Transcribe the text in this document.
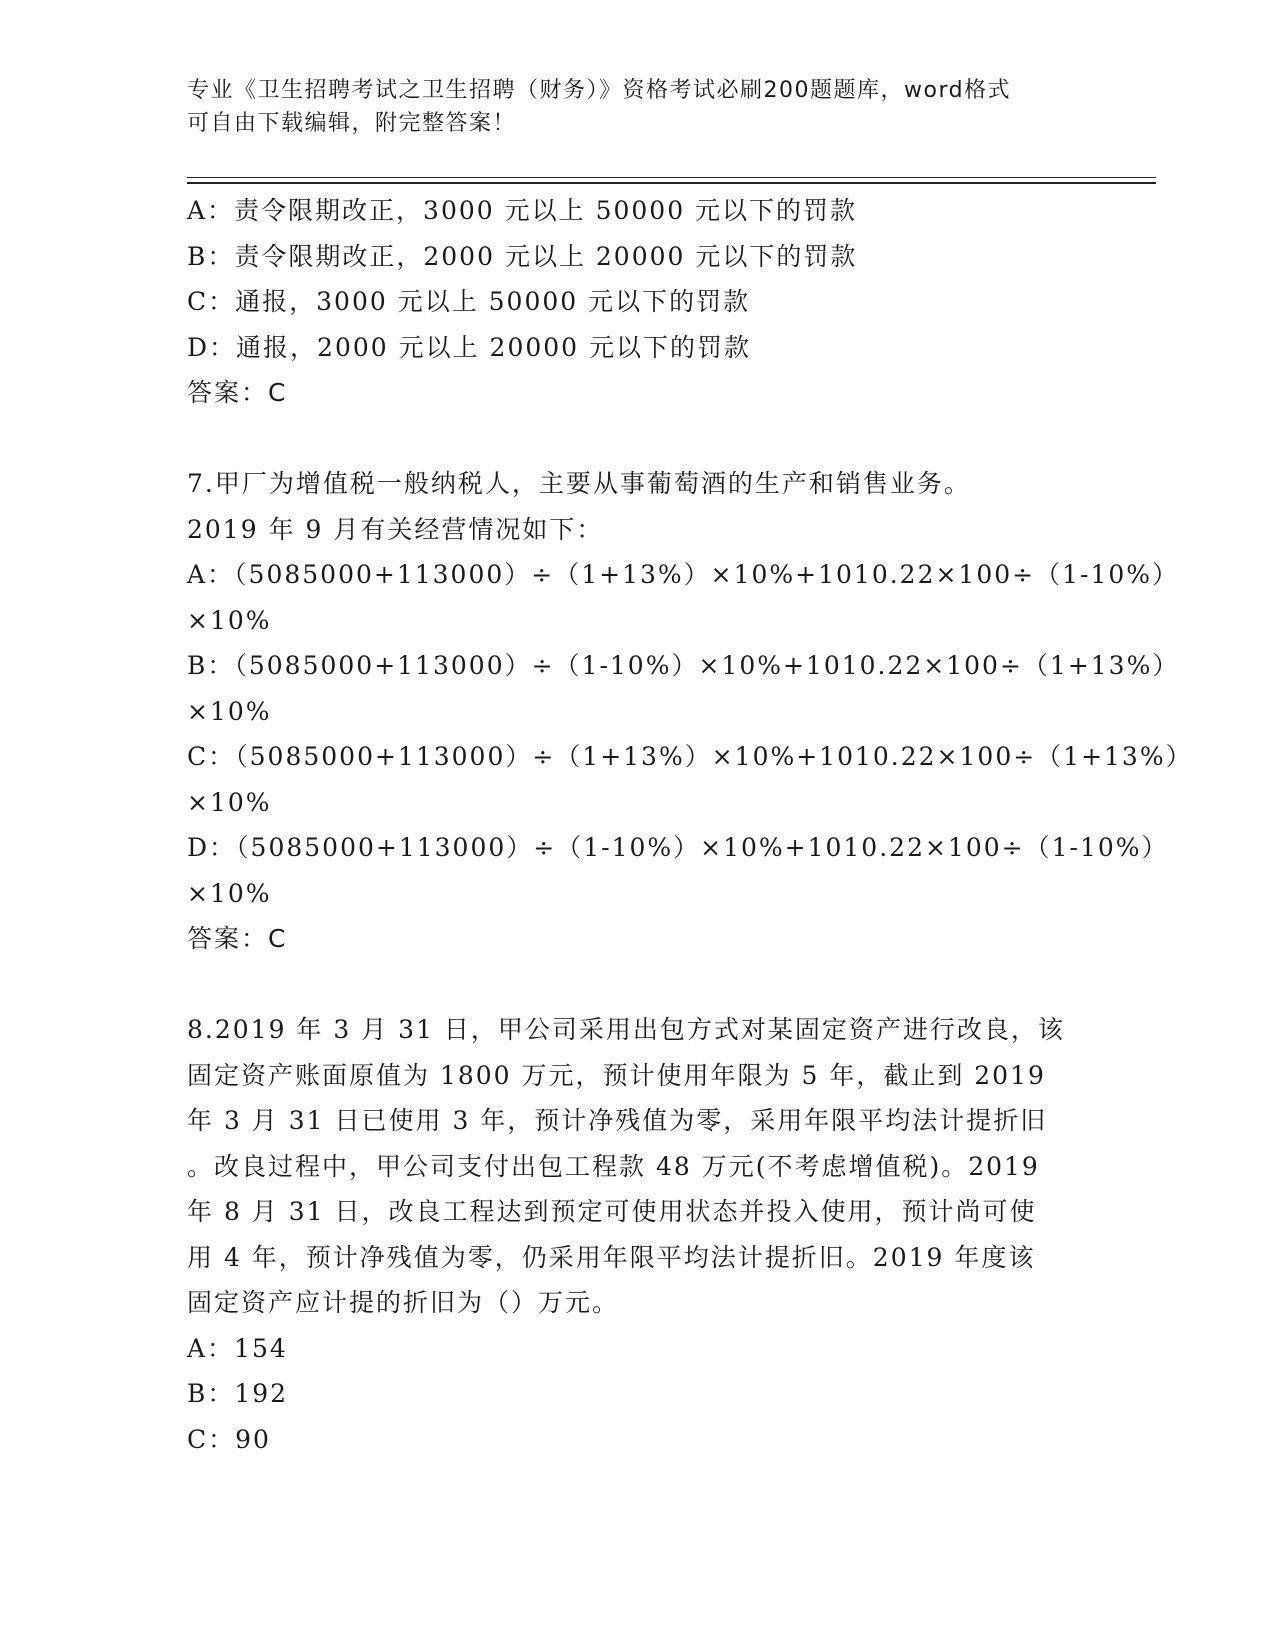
专业《卫生招聘考试之卫生招聘（财务）》资格考试必刷200题题库，word格式
可自由下载编辑，附完整答案！
A：责令限期改正，3000 元以上 50000 元以下的罚款
B：责令限期改正，2000 元以上 20000 元以下的罚款
C：通报，3000 元以上 50000 元以下的罚款
D：通报，2000 元以上 20000 元以下的罚款
答案：C
7.甲厂为增值税一般纳税人，主要从事葡萄酒的生产和销售业务。
2019 年 9 月有关经营情况如下：
A：（5085000+113000）÷（1+13%）×10%+1010.22×100÷（1-10%）
×10%
B：（5085000+113000）÷（1-10%）×10%+1010.22×100÷（1+13%）
×10%
C：（5085000+113000）÷（1+13%）×10%+1010.22×100÷（1+13%）
×10%
D：（5085000+113000）÷（1-10%）×10%+1010.22×100÷（1-10%）
×10%
答案：C
8.2019 年 3 月 31 日，甲公司采用出包方式对某固定资产进行改良，该
固定资产账面原值为 1800 万元，预计使用年限为 5 年，截止到 2019
年 3 月 31 日已使用 3 年，预计净残值为零，采用年限平均法计提折旧
。改良过程中，甲公司支付出包工程款 48 万元(不考虑增值税)。2019
年 8 月 31 日，改良工程达到预定可使用状态并投入使用，预计尚可使
用 4 年，预计净残值为零，仍采用年限平均法计提折旧。2019 年度该
固定资产应计提的折旧为（）万元。
A：154
B：192
C：90
